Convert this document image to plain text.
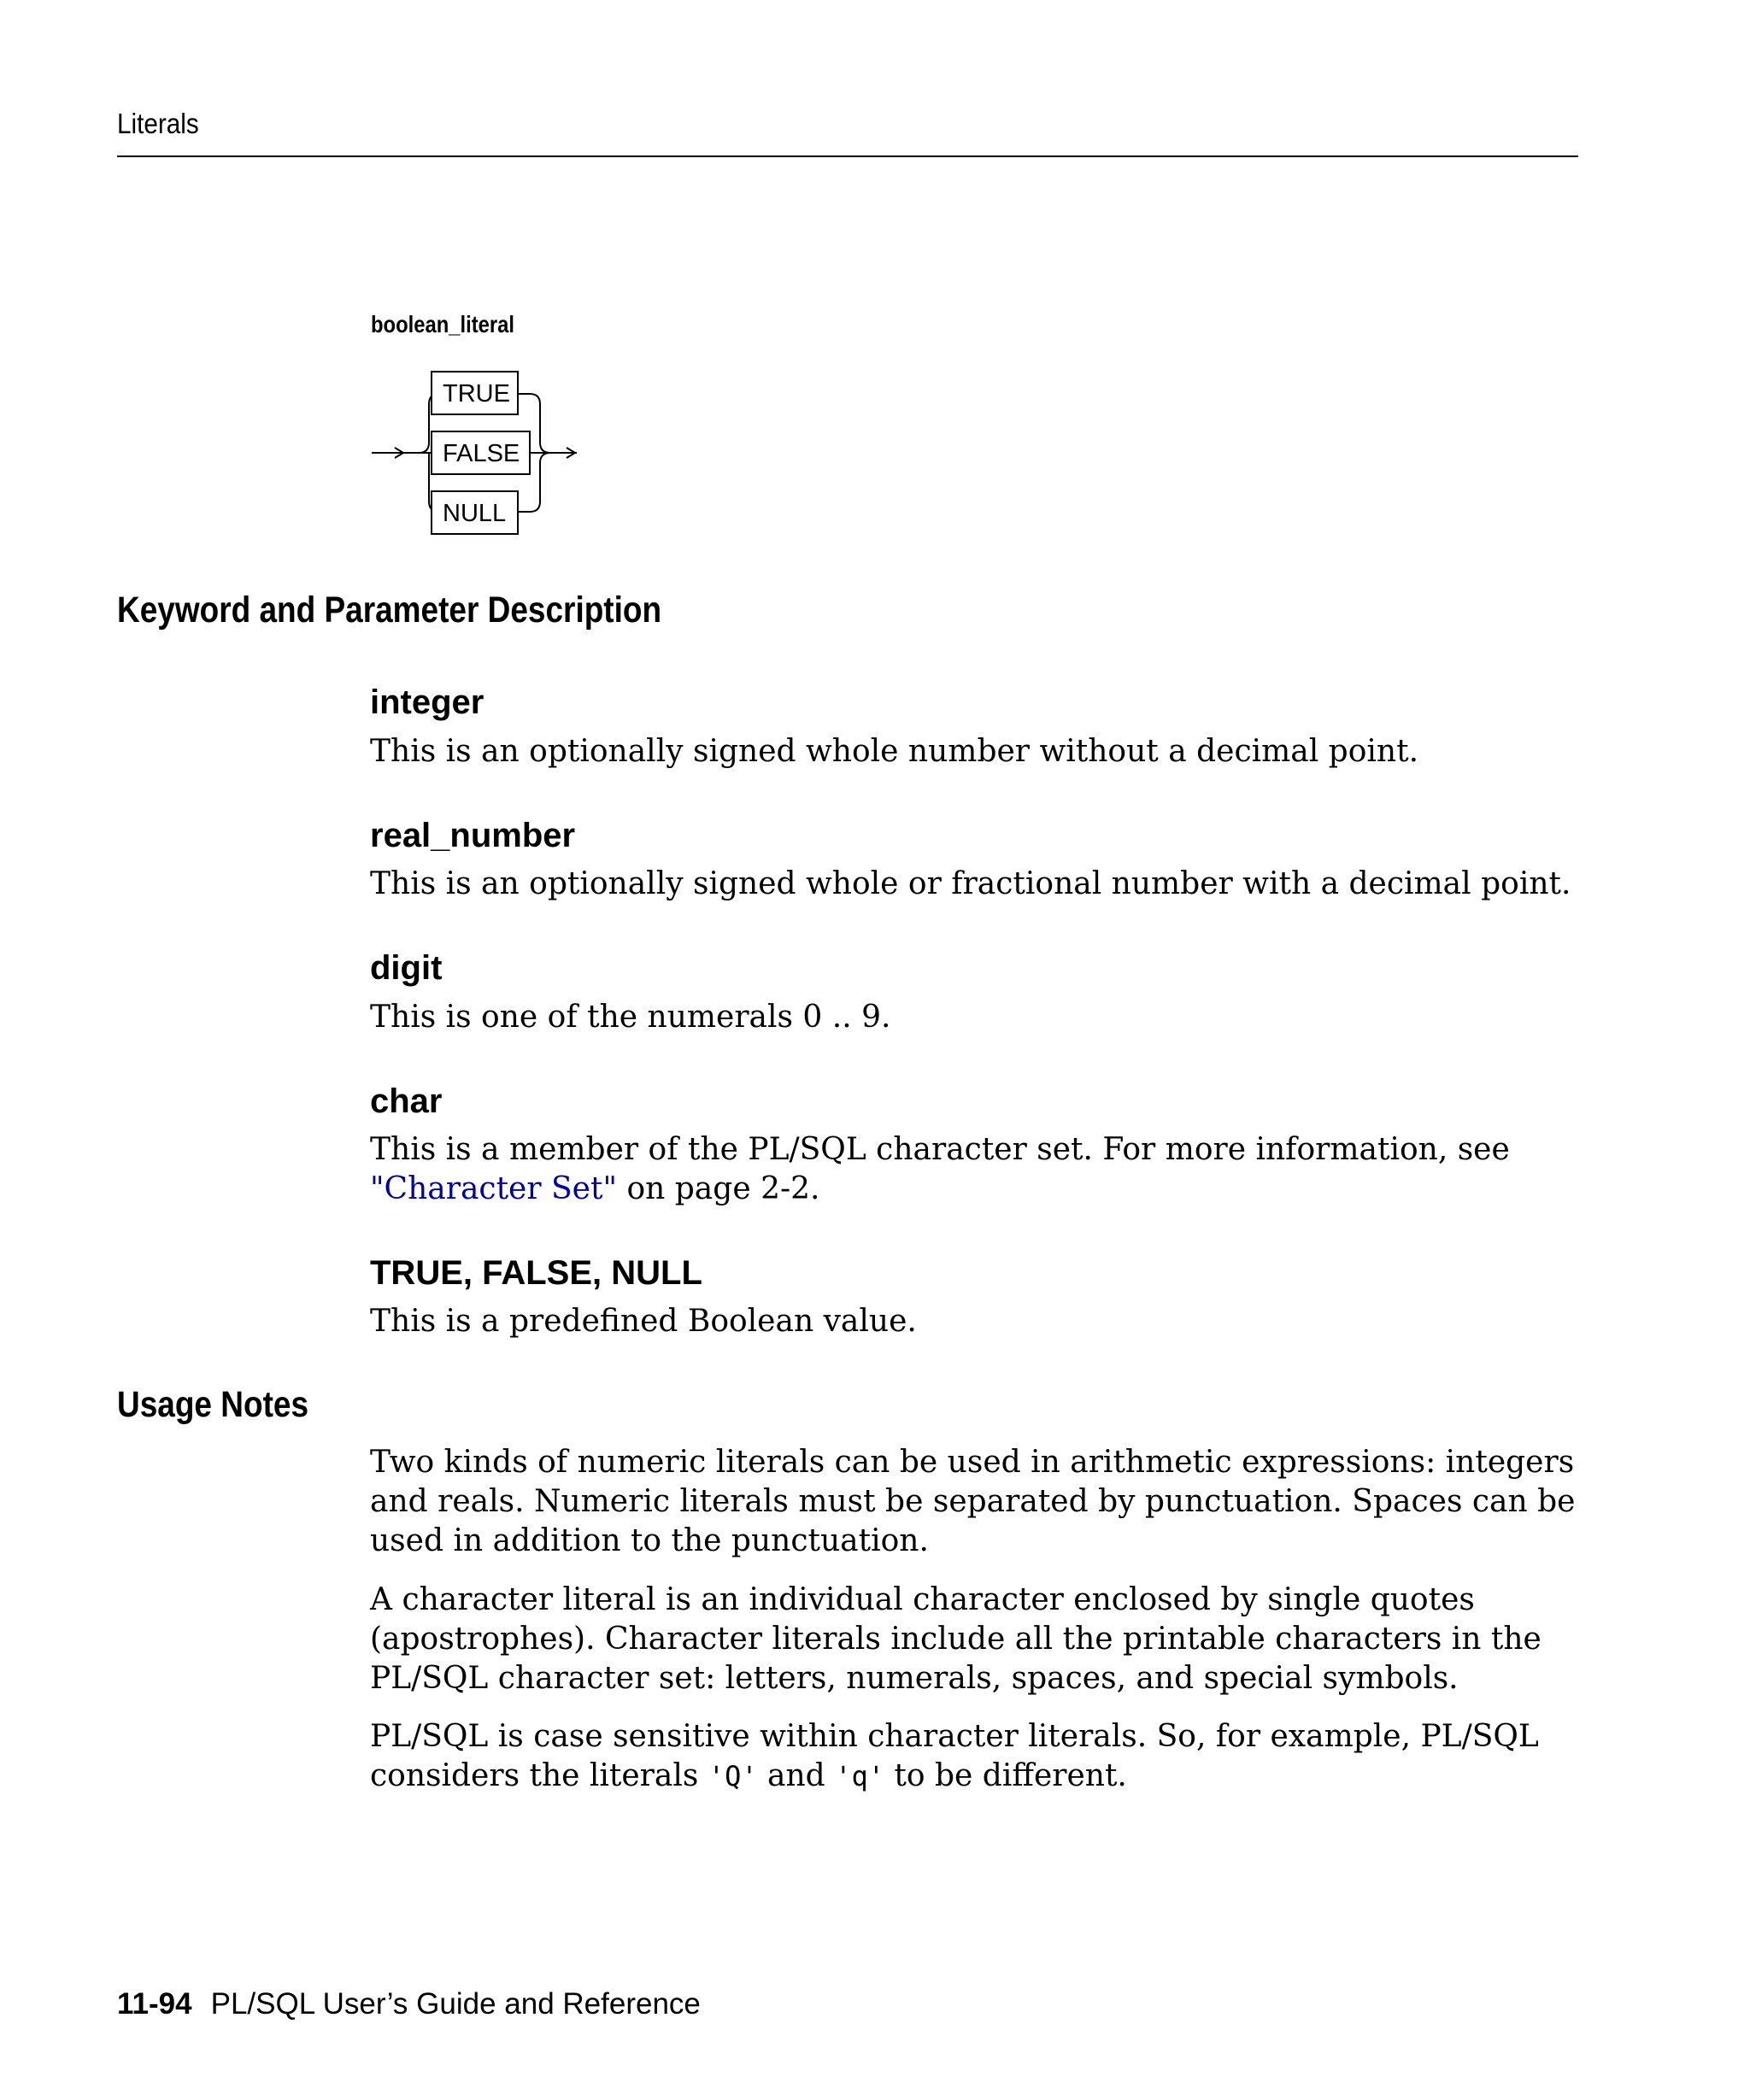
Literals
boolean_literal
TRUE
FALSE
NULL
Keyword and Parameter Description
integer

This is an optionally signed whole number without a decimal point.

real_number

This is an optionally signed whole or fractional number with a decimal point.

digit

This is one of the numerals 0 .. 9.

char

This is a member of the PL/SQL character set. For more information, see "Character Set" on page 2-2.

TRUE, FALSE, NULL

This is a predefined Boolean value.

Usage Notes

Two kinds of numeric literals can be used in arithmetic expressions: integers and reals. Numeric literals must be separated by punctuation. Spaces can be used in addition to the punctuation.

A character literal is an individual character enclosed by single quotes (apostrophes). Character literals include all the printable characters in the PL/SQL character set: letters, numerals, spaces, and special symbols.

PL/SQL is case sensitive within character literals. So, for example, PL/SQL considers the literals 'Q' and 'q' to be different.

11-94 PL/SQL User’s Guide and Reference
